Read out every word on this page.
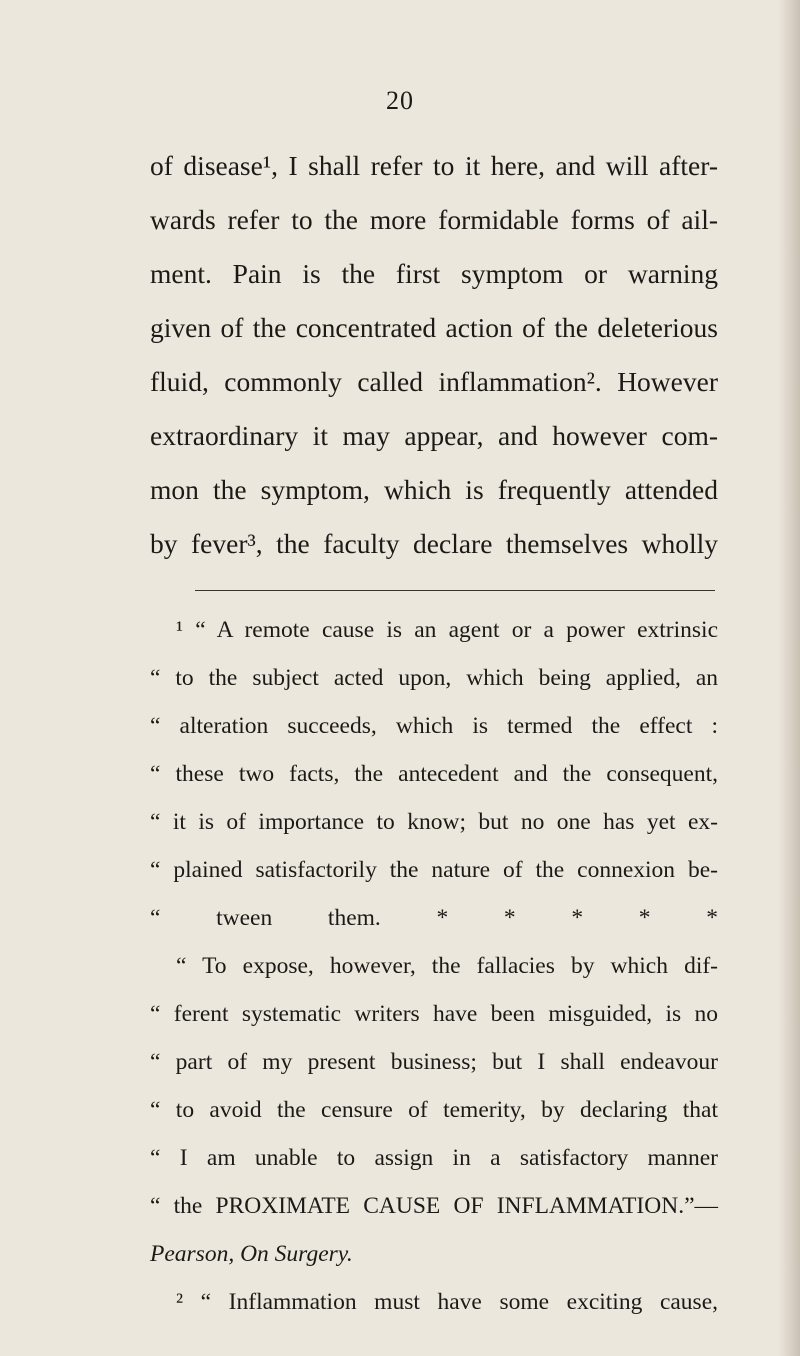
20
of disease¹, I shall refer to it here, and will after-
wards refer to the more formidable forms of ail-
ment. Pain is the first symptom or warning
given of the concentrated action of the deleterious
fluid, commonly called inflammation². However
extraordinary it may appear, and however com-
mon the symptom, which is frequently attended
by fever³, the faculty declare themselves wholly
¹ “ A remote cause is an agent or a power extrinsic
“ to the subject acted upon, which being applied, an
“ alteration succeeds, which is termed the effect :
“ these two facts, the antecedent and the consequent,
“ it is of importance to know; but no one has yet ex-
“ plained satisfactorily the nature of the connexion be-
“ tween them. * * * * *
“ To expose, however, the fallacies by which dif-
“ ferent systematic writers have been misguided, is no
“ part of my present business; but I shall endeavour
“ to avoid the censure of temerity, by declaring that
“ I am unable to assign in a satisfactory manner
“ the PROXIMATE CAUSE OF INFLAMMATION.”—
Pearson, On Surgery.
² “ Inflammation must have some exciting cause,
